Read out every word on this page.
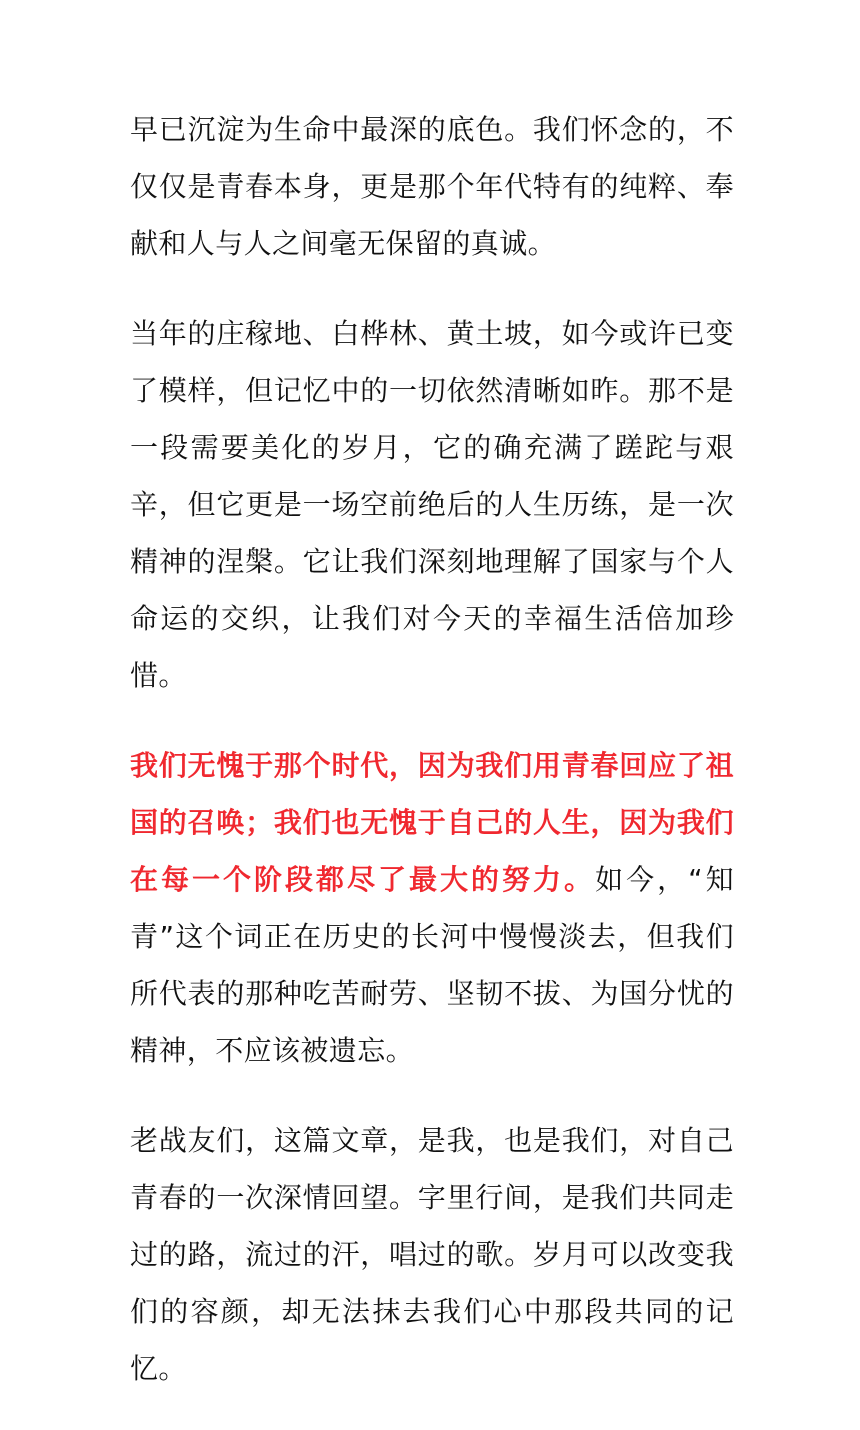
早已沉淀为生命中最深的底色。我们怀念的，不仅仅是青春本身，更是那个年代特有的纯粹、奉献和人与人之间毫无保留的真诚。

当年的庄稼地、白桦林、黄土坡，如今或许已变了模样，但记忆中的一切依然清晰如昨。那不是一段需要美化的岁月，它的确充满了蹉跎与艰辛，但它更是一场空前绝后的人生历练，是一次精神的涅槃。它让我们深刻地理解了国家与个人命运的交织，让我们对今天的幸福生活倍加珍惜。

我们无愧于那个时代，因为我们用青春回应了祖国的召唤；我们也无愧于自己的人生，因为我们在每一个阶段都尽了最大的努力。如今，“知青”这个词正在历史的长河中慢慢淡去，但我们所代表的那种吃苦耐劳、坚韧不拔、为国分忧的精神，不应该被遗忘。

老战友们，这篇文章，是我，也是我们，对自己青春的一次深情回望。字里行间，是我们共同走过的路，流过的汗，唱过的歌。岁月可以改变我们的容颜，却无法抹去我们心中那段共同的记忆。
